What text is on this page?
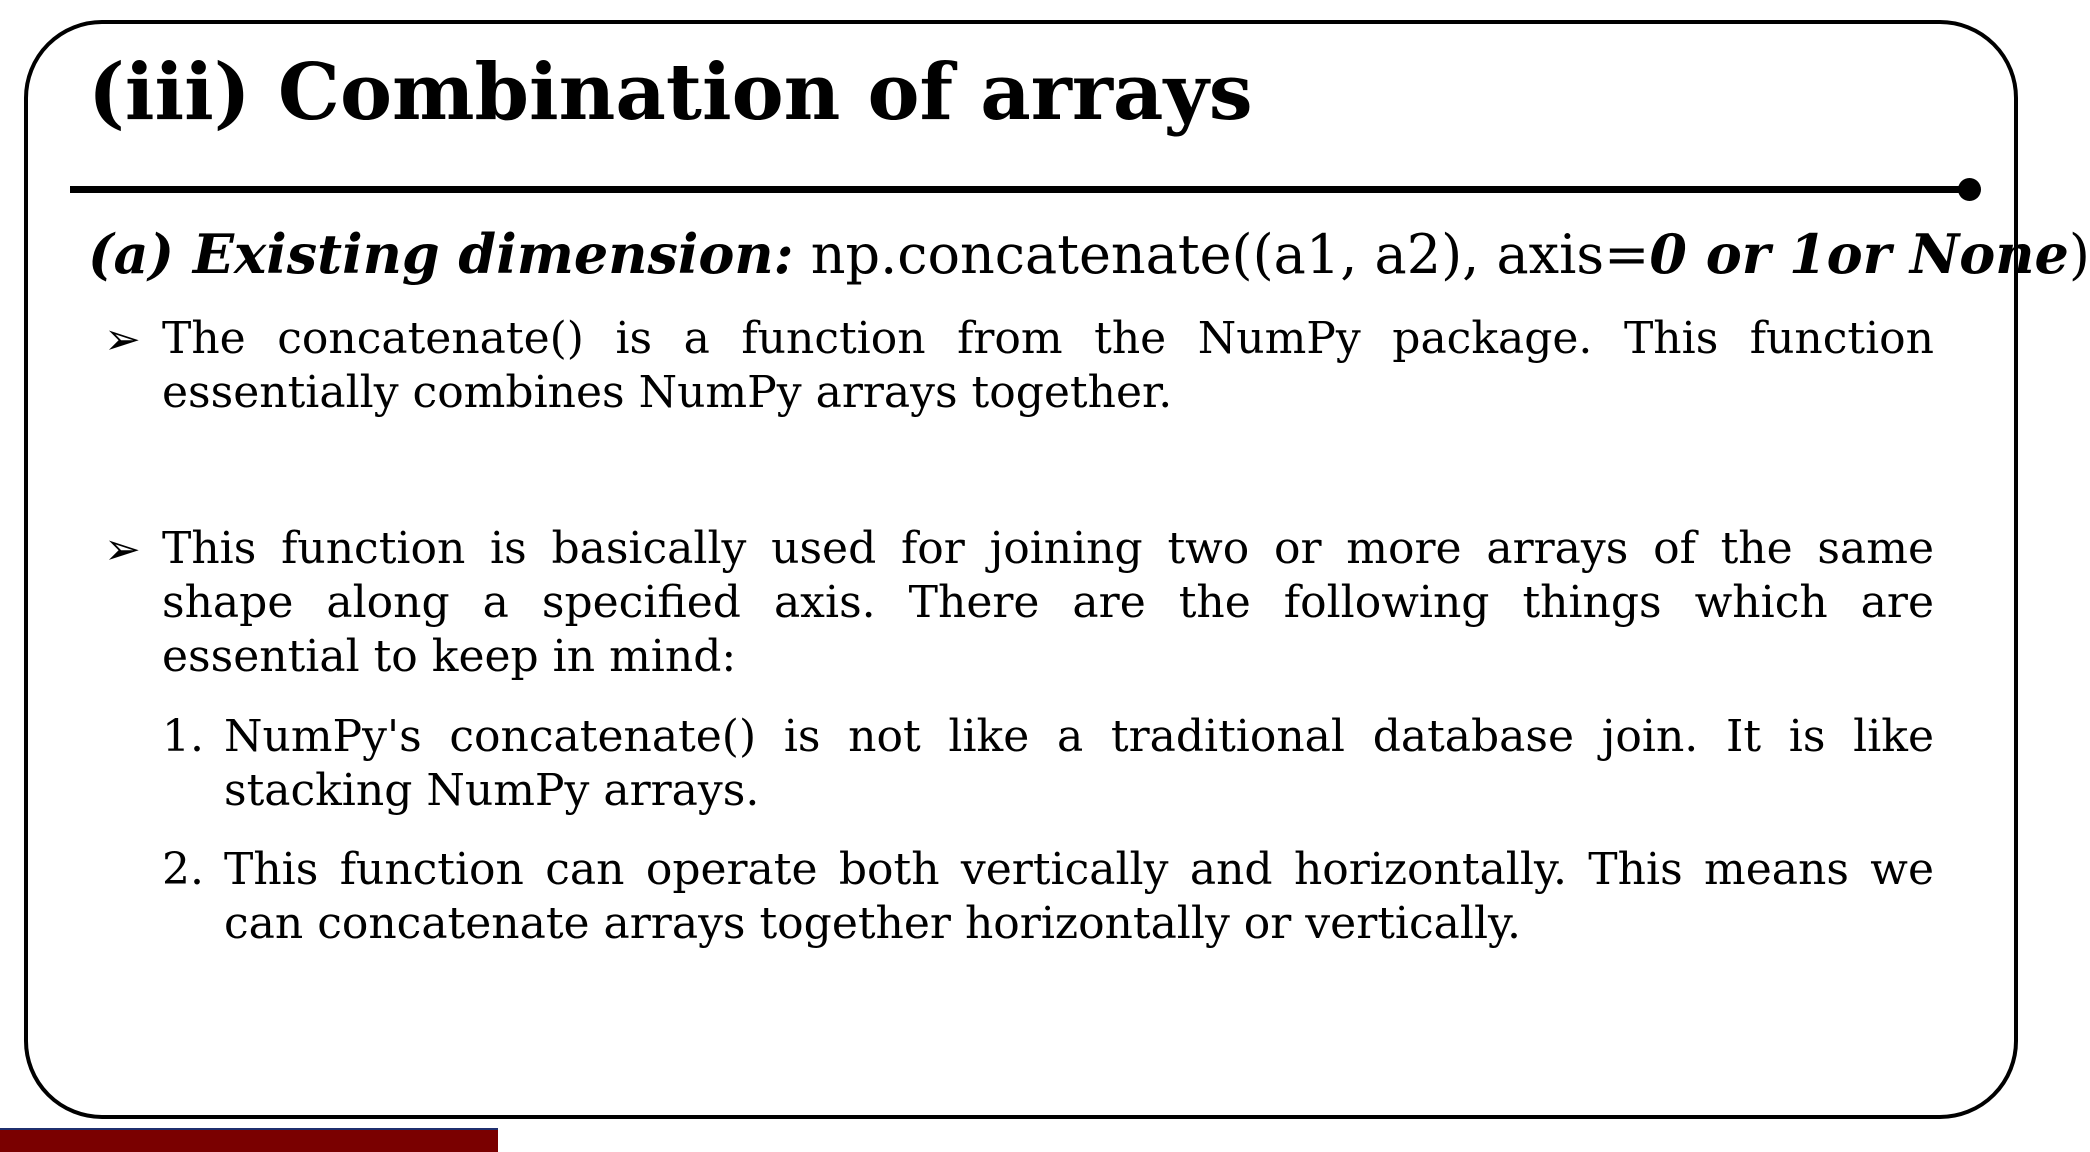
(iii) Combination of arrays
(a) Existing dimension: np.concatenate((a1, a2), axis=0 or 1or None)
➢ The concatenate() is a function from the NumPy package. This function essentially combines NumPy arrays together.
➢ This function is basically used for joining two or more arrays of the same shape along a specified axis. There are the following things which are essential to keep in mind:
1. NumPy's concatenate() is not like a traditional database join. It is like stacking NumPy arrays.
2. This function can operate both vertically and horizontally. This means we can concatenate arrays together horizontally or vertically.
